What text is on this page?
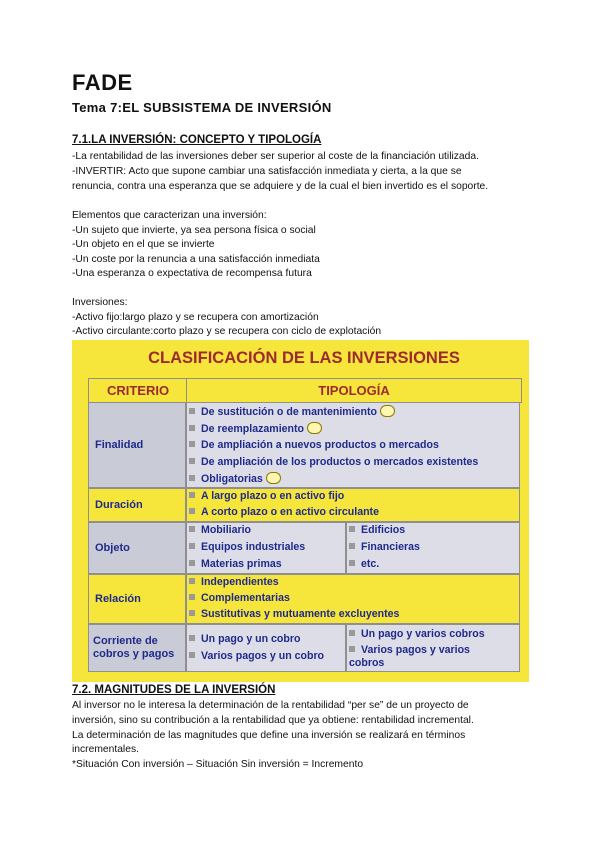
FADE
Tema 7:EL SUBSISTEMA DE INVERSIÓN
7.1.LA INVERSIÓN: CONCEPTO Y TIPOLOGÍA
-La rentabilidad de las inversiones deber ser superior al coste de la financiación utilizada.
-INVERTIR: Acto que supone cambiar una satisfacción inmediata y cierta, a la que se
renuncia, contra una esperanza que se adquiere y de la cual el bien invertido es el soporte.
Elementos que caracterizan una inversión:
-Un sujeto que invierte, ya sea persona física o social
-Un objeto en el que se invierte
-Un coste por la renuncia a una satisfacción inmediata
-Una esperanza o expectativa de recompensa futura
Inversiones:
-Activo fijo:largo plazo y se recupera con amortización
-Activo circulante:corto plazo y se recupera con ciclo de explotación
CLASIFICACIÓN DE LAS INVERSIONES
CRITERIO	TIPOLOGÍA
Finalidad
De sustitución o de mantenimiento
De reemplazamiento
De ampliación a nuevos productos o mercados
De ampliación de los productos o mercados existentes
Obligatorias
Duración
A largo plazo o en activo fijo
A corto plazo o en activo circulante
Objeto
Mobiliario
Equipos industriales
Materias primas
Edificios
Financieras
etc.
Relación
Independientes
Complementarias
Sustitutivas y mutuamente excluyentes
Corriente de
cobros y pagos
Un pago y un cobro
Varios pagos y un cobro
Un pago y varios cobros
Varios pagos y varios
cobros
7.2. MAGNITUDES DE LA INVERSIÓN
Al inversor no le interesa la determinación de la rentabilidad “per se” de un proyecto de
inversión, sino su contribución a la rentabilidad que ya obtiene: rentabilidad incremental.
La determinación de las magnitudes que define una inversión se realizará en términos
incrementales.
*Situación Con inversión – Situación Sin inversión = Incremento
